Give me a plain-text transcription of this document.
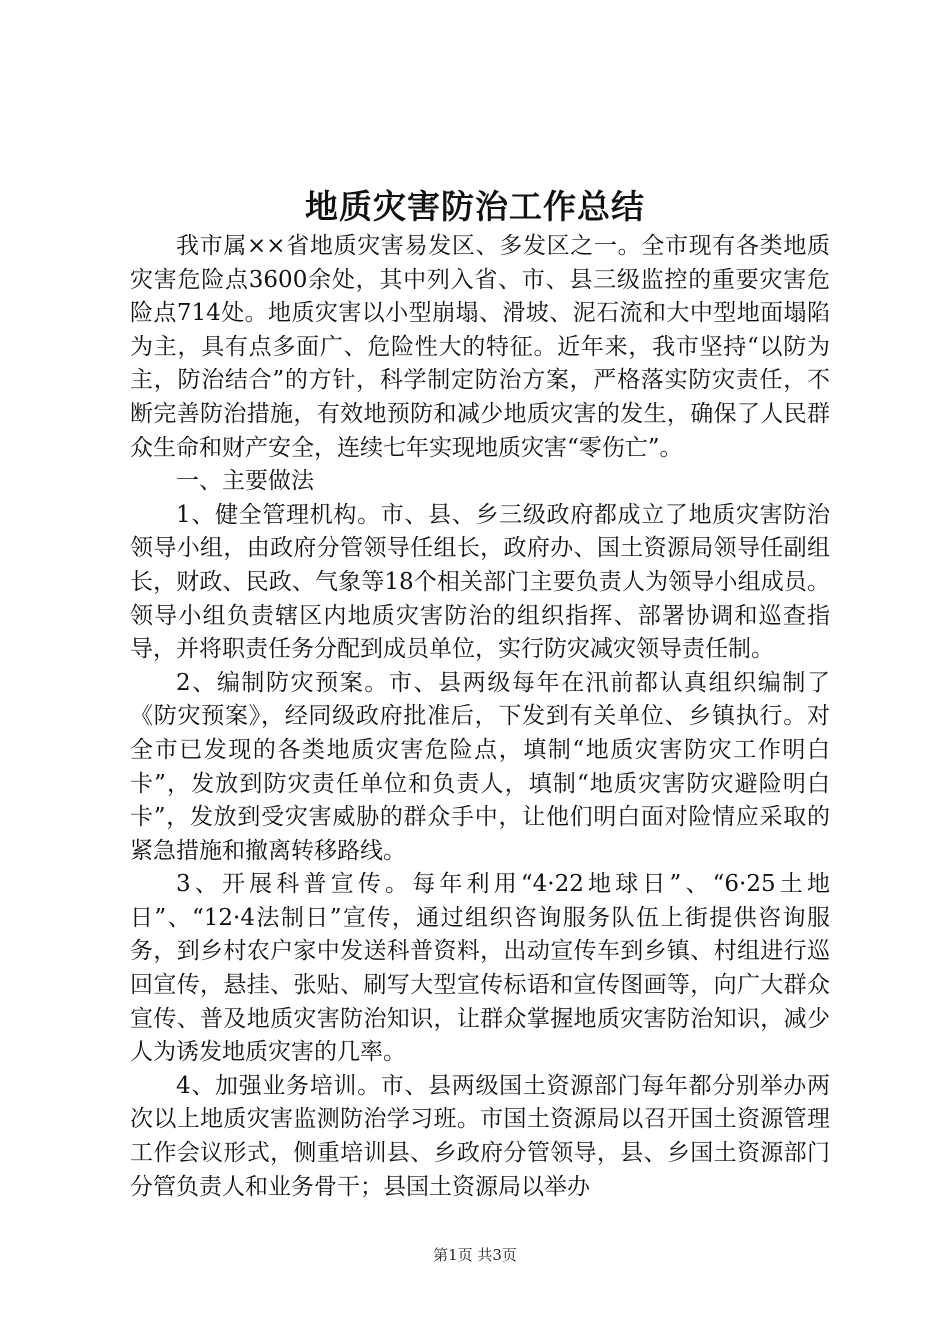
地质灾害防治工作总结

我市属××省地质灾害易发区、多发区之一。全市现有各类地质灾害危险点3600余处，其中列入省、市、县三级监控的重要灾害危险点714处。地质灾害以小型崩塌、滑坡、泥石流和大中型地面塌陷为主，具有点多面广、危险性大的特征。近年来，我市坚持“以防为主，防治结合”的方针，科学制定防治方案，严格落实防灾责任，不断完善防治措施，有效地预防和减少地质灾害的发生，确保了人民群众生命和财产安全，连续七年实现地质灾害“零伤亡”。

一、主要做法

1、健全管理机构。市、县、乡三级政府都成立了地质灾害防治领导小组，由政府分管领导任组长，政府办、国土资源局领导任副组长，财政、民政、气象等18个相关部门主要负责人为领导小组成员。领导小组负责辖区内地质灾害防治的组织指挥、部署协调和巡查指导，并将职责任务分配到成员单位，实行防灾减灾领导责任制。

2、编制防灾预案。市、县两级每年在汛前都认真组织编制了《防灾预案》，经同级政府批准后，下发到有关单位、乡镇执行。对全市已发现的各类地质灾害危险点，填制“地质灾害防灾工作明白卡”，发放到防灾责任单位和负责人，填制“地质灾害防灾避险明白卡”，发放到受灾害威胁的群众手中，让他们明白面对险情应采取的紧急措施和撤离转移路线。

3、开展科普宣传。每年利用“4·22地球日”、“6·25土地日”、“12·4法制日”宣传，通过组织咨询服务队伍上街提供咨询服务，到乡村农户家中发送科普资料，出动宣传车到乡镇、村组进行巡回宣传，悬挂、张贴、刷写大型宣传标语和宣传图画等，向广大群众宣传、普及地质灾害防治知识，让群众掌握地质灾害防治知识，减少人为诱发地质灾害的几率。

4、加强业务培训。市、县两级国土资源部门每年都分别举办两次以上地质灾害监测防治学习班。市国土资源局以召开国土资源管理工作会议形式，侧重培训县、乡政府分管领导，县、乡国土资源部门分管负责人和业务骨干；县国土资源局以举办

第1页 共3页
